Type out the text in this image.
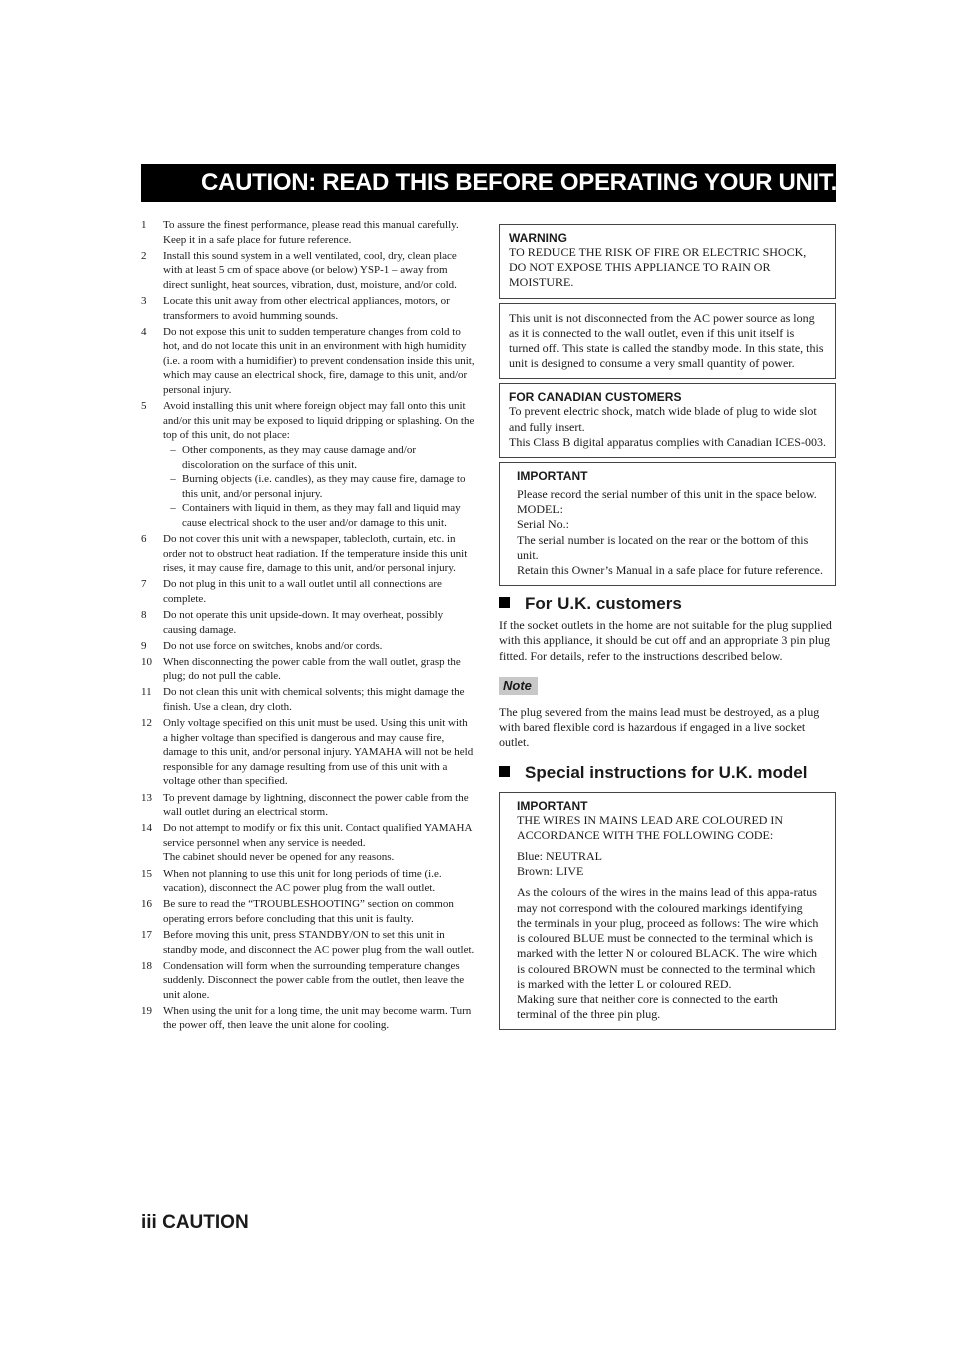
CAUTION: READ THIS BEFORE OPERATING YOUR UNIT.
1	To assure the finest performance, please read this manual carefully. Keep it in a safe place for future reference.
2	Install this sound system in a well ventilated, cool, dry, clean place with at least 5 cm of space above (or below) YSP-1 – away from direct sunlight, heat sources, vibration, dust, moisture, and/or cold.
3	Locate this unit away from other electrical appliances, motors, or transformers to avoid humming sounds.
4	Do not expose this unit to sudden temperature changes from cold to hot, and do not locate this unit in an environment with high humidity (i.e. a room with a humidifier) to prevent condensation inside this unit, which may cause an electrical shock, fire, damage to this unit, and/or personal injury.
5	Avoid installing this unit where foreign object may fall onto this unit and/or this unit may be exposed to liquid dripping or splashing. On the top of this unit, do not place:
– Other components, as they may cause damage and/or discoloration on the surface of this unit.
– Burning objects (i.e. candles), as they may cause fire, damage to this unit, and/or personal injury.
– Containers with liquid in them, as they may fall and liquid may cause electrical shock to the user and/or damage to this unit.
6	Do not cover this unit with a newspaper, tablecloth, curtain, etc. in order not to obstruct heat radiation. If the temperature inside this unit rises, it may cause fire, damage to this unit, and/or personal injury.
7	Do not plug in this unit to a wall outlet until all connections are complete.
8	Do not operate this unit upside-down. It may overheat, possibly causing damage.
9	Do not use force on switches, knobs and/or cords.
10	When disconnecting the power cable from the wall outlet, grasp the plug; do not pull the cable.
11	Do not clean this unit with chemical solvents; this might damage the finish. Use a clean, dry cloth.
12	Only voltage specified on this unit must be used. Using this unit with a higher voltage than specified is dangerous and may cause fire, damage to this unit, and/or personal injury. YAMAHA will not be held responsible for any damage resulting from use of this unit with a voltage other than specified.
13	To prevent damage by lightning, disconnect the power cable from the wall outlet during an electrical storm.
14	Do not attempt to modify or fix this unit. Contact qualified YAMAHA service personnel when any service is needed.
The cabinet should never be opened for any reasons.
15	When not planning to use this unit for long periods of time (i.e. vacation), disconnect the AC power plug from the wall outlet.
16	Be sure to read the “TROUBLESHOOTING” section on common operating errors before concluding that this unit is faulty.
17	Before moving this unit, press STANDBY/ON to set this unit in standby mode, and disconnect the AC power plug from the wall outlet.
18	Condensation will form when the surrounding temperature changes suddenly. Disconnect the power cable from the outlet, then leave the unit alone.
19	When using the unit for a long time, the unit may become warm. Turn the power off, then leave the unit alone for cooling.
WARNING
TO REDUCE THE RISK OF FIRE OR ELECTRIC SHOCK, DO NOT EXPOSE THIS APPLIANCE TO RAIN OR MOISTURE.
This unit is not disconnected from the AC power source as long as it is connected to the wall outlet, even if this unit itself is turned off. This state is called the standby mode. In this state, this unit is designed to consume a very small quantity of power.
FOR CANADIAN CUSTOMERS
To prevent electric shock, match wide blade of plug to wide slot and fully insert.
This Class B digital apparatus complies with Canadian ICES-003.
IMPORTANT
Please record the serial number of this unit in the space below.
MODEL:
Serial No.:
The serial number is located on the rear or the bottom of this unit.
Retain this Owner’s Manual in a safe place for future reference.
For U.K. customers

If the socket outlets in the home are not suitable for the plug supplied with this appliance, it should be cut off and an appropriate 3 pin plug fitted. For details, refer to the instructions described below.

Note

The plug severed from the mains lead must be destroyed, as a plug with bared flexible cord is hazardous if engaged in a live socket outlet.

Special instructions for U.K. model
IMPORTANT
THE WIRES IN MAINS LEAD ARE COLOURED IN ACCORDANCE WITH THE FOLLOWING CODE:
Blue: NEUTRAL
Brown: LIVE
As the colours of the wires in the mains lead of this appa-ratus may not correspond with the coloured markings identifying the terminals in your plug, proceed as follows: The wire which is coloured BLUE must be connected to the terminal which is marked with the letter N or coloured BLACK. The wire which is coloured BROWN must be connected to the terminal which is marked with the letter L or coloured RED.
Making sure that neither core is connected to the earth terminal of the three pin plug.
iii CAUTION
